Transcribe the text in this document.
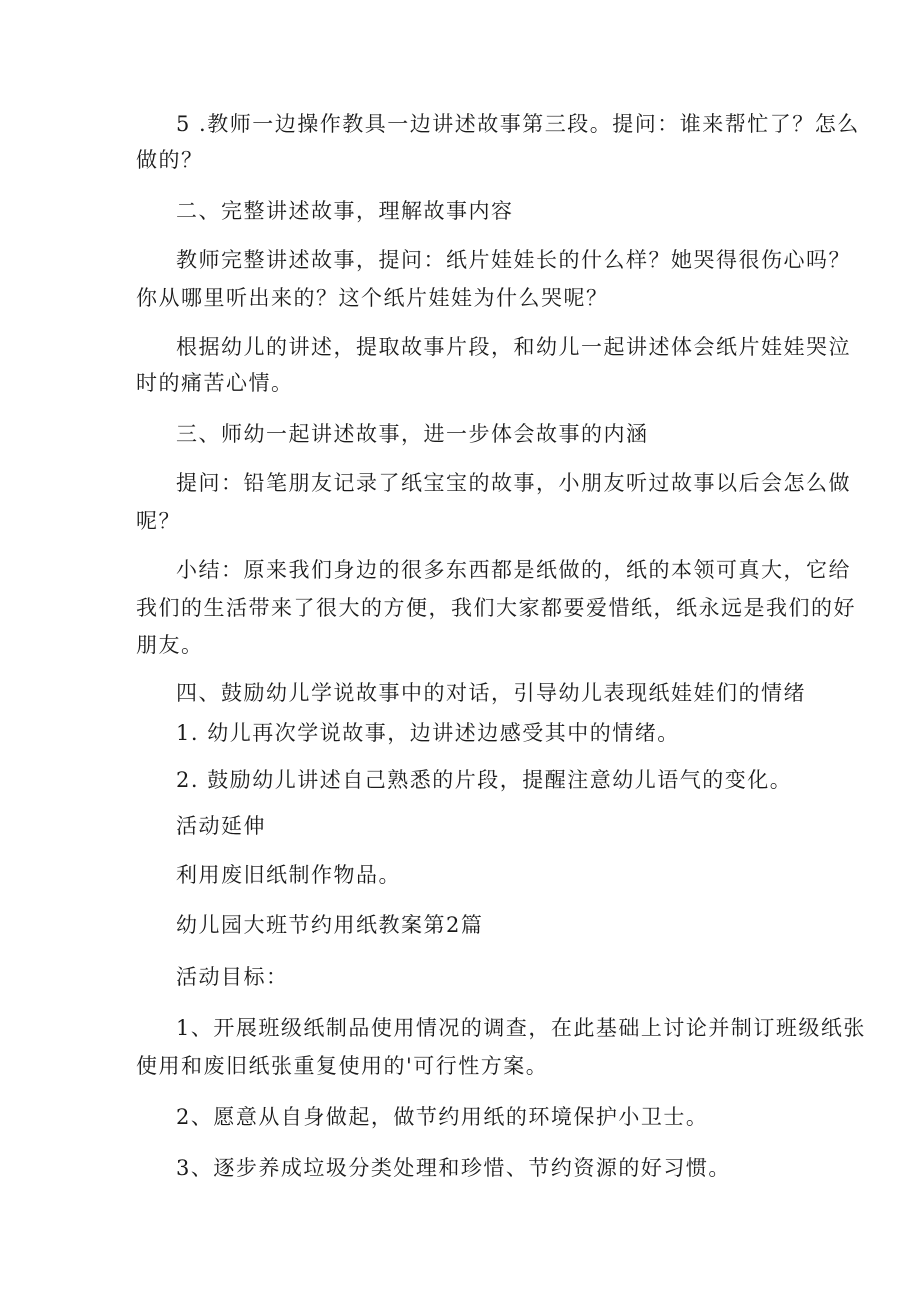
5 .教师一边操作教具一边讲述故事第三段。提问：谁来帮忙了？怎么
做的？
二、完整讲述故事，理解故事内容
教师完整讲述故事，提问：纸片娃娃长的什么样？她哭得很伤心吗？
你从哪里听出来的？这个纸片娃娃为什么哭呢？
根据幼儿的讲述，提取故事片段，和幼儿一起讲述体会纸片娃娃哭泣
时的痛苦心情。
三、师幼一起讲述故事，进一步体会故事的内涵
提问：铅笔朋友记录了纸宝宝的故事，小朋友听过故事以后会怎么做
呢？
小结：原来我们身边的很多东西都是纸做的，纸的本领可真大，它给
我们的生活带来了很大的方便，我们大家都要爱惜纸，纸永远是我们的好
朋友。
四、鼓励幼儿学说故事中的对话，引导幼儿表现纸娃娃们的情绪
1. 幼儿再次学说故事，边讲述边感受其中的情绪。
2. 鼓励幼儿讲述自己熟悉的片段，提醒注意幼儿语气的变化。
活动延伸
利用废旧纸制作物品。
幼儿园大班节约用纸教案第2篇
活动目标：
1、开展班级纸制品使用情况的调查，在此基础上讨论并制订班级纸张
使用和废旧纸张重复使用的'可行性方案。
2、愿意从自身做起，做节约用纸的环境保护小卫士。
3、逐步养成垃圾分类处理和珍惜、节约资源的好习惯。
